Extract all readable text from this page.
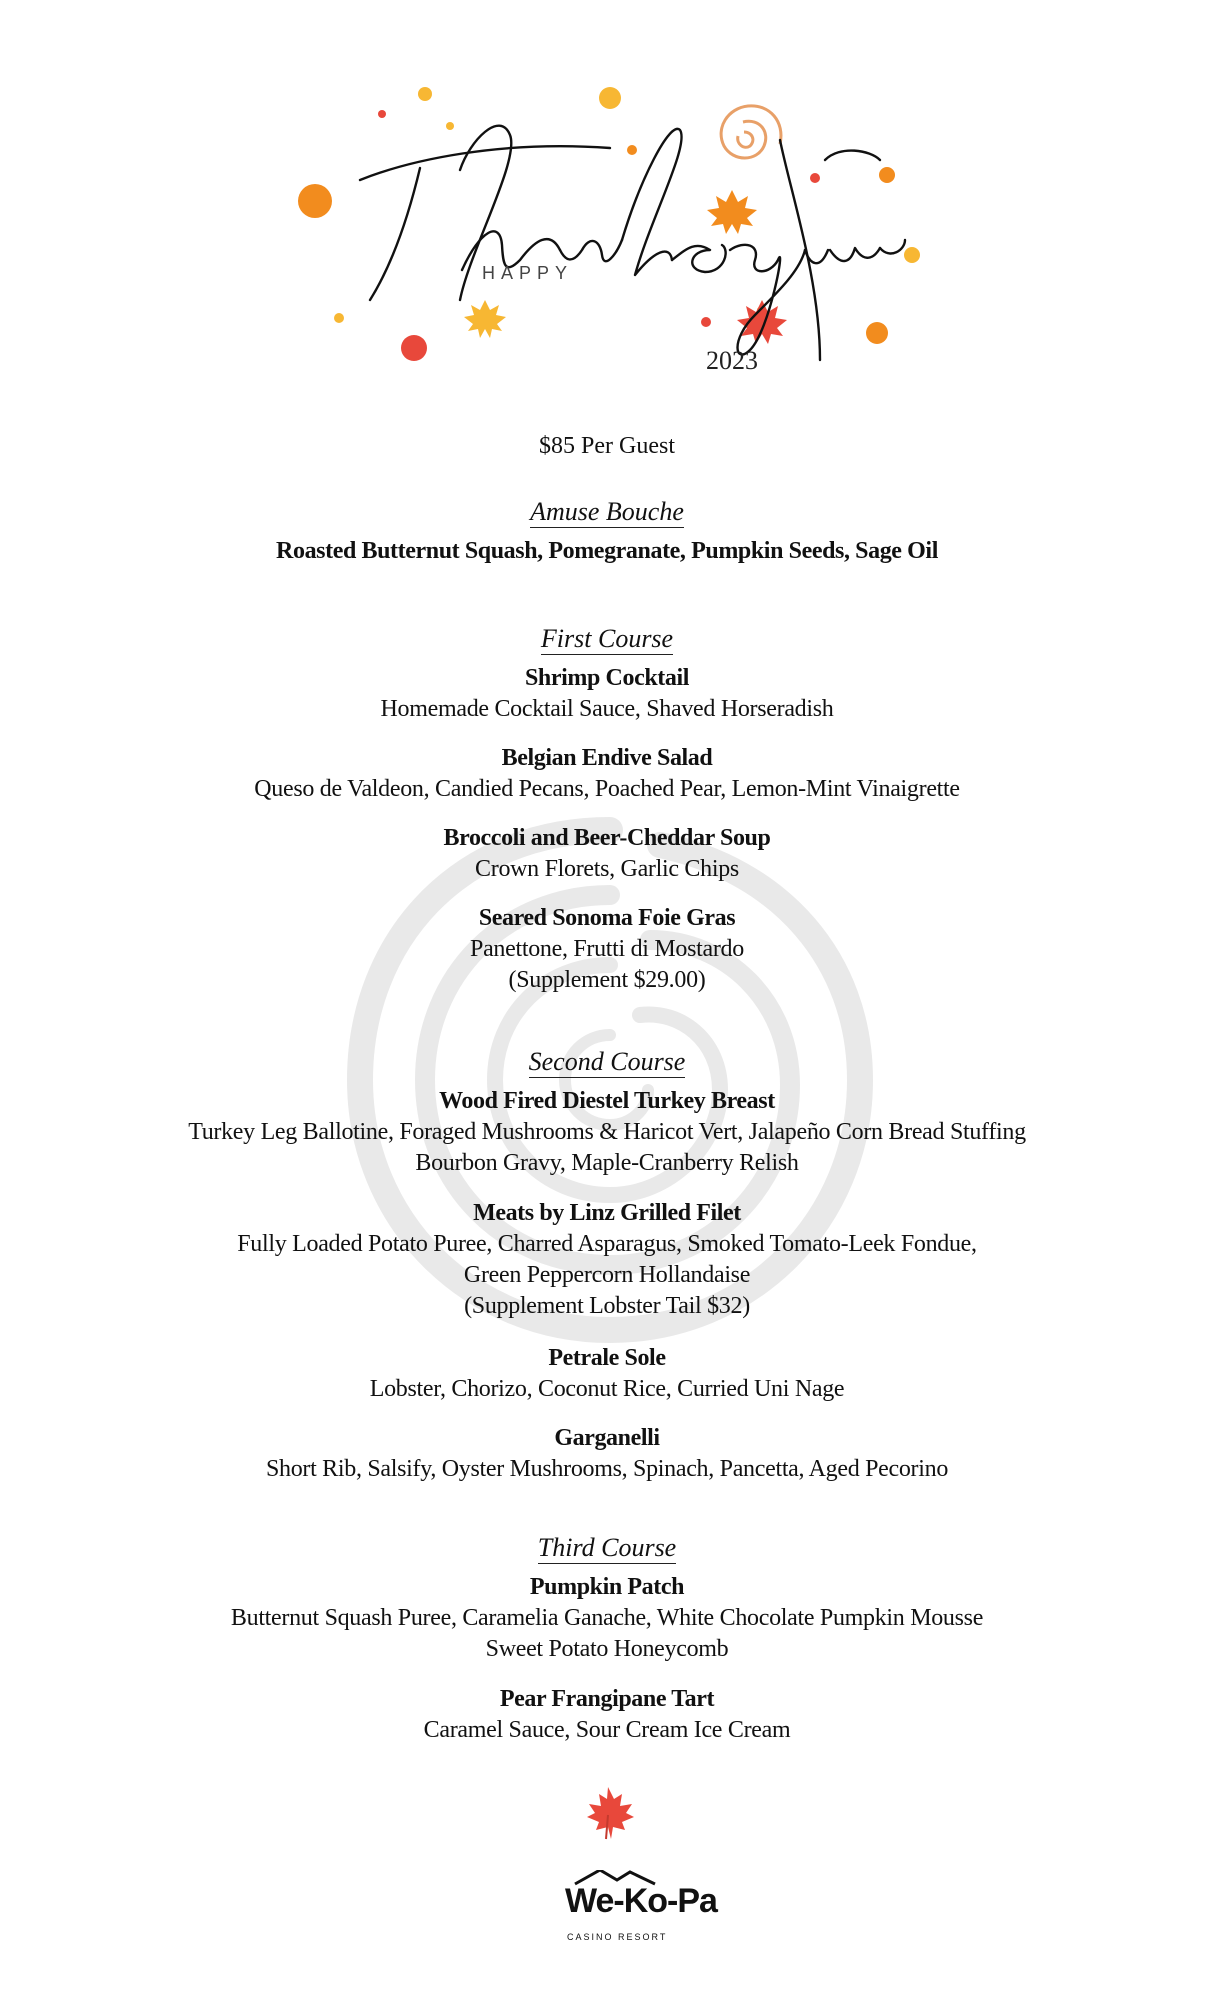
HAPPY
2023
$85 Per Guest
Amuse Bouche
Roasted Butternut Squash, Pomegranate, Pumpkin Seeds, Sage Oil
First Course
Shrimp Cocktail
Homemade Cocktail Sauce, Shaved Horseradish
Belgian Endive Salad
Queso de Valdeon, Candied Pecans, Poached Pear, Lemon-Mint Vinaigrette
Broccoli and Beer-Cheddar Soup
Crown Florets, Garlic Chips
Seared Sonoma Foie Gras
Panettone, Frutti di Mostardo
(Supplement $29.00)
Second Course
Wood Fired Diestel Turkey Breast
Turkey Leg Ballotine, Foraged Mushrooms & Haricot Vert, Jalapeño Corn Bread Stuffing
Bourbon Gravy, Maple-Cranberry Relish
Meats by Linz Grilled Filet
Fully Loaded Potato Puree, Charred Asparagus, Smoked Tomato-Leek Fondue,
Green Peppercorn Hollandaise
(Supplement Lobster Tail $32)
Petrale Sole
Lobster, Chorizo, Coconut Rice, Curried Uni Nage
Garganelli
Short Rib, Salsify, Oyster Mushrooms, Spinach, Pancetta, Aged Pecorino
Third Course
Pumpkin Patch
Butternut Squash Puree, Caramelia Ganache, White Chocolate Pumpkin Mousse
Sweet Potato Honeycomb
Pear Frangipane Tart
Caramel Sauce, Sour Cream Ice Cream
We-Ko-Pa
CASINO RESORT
